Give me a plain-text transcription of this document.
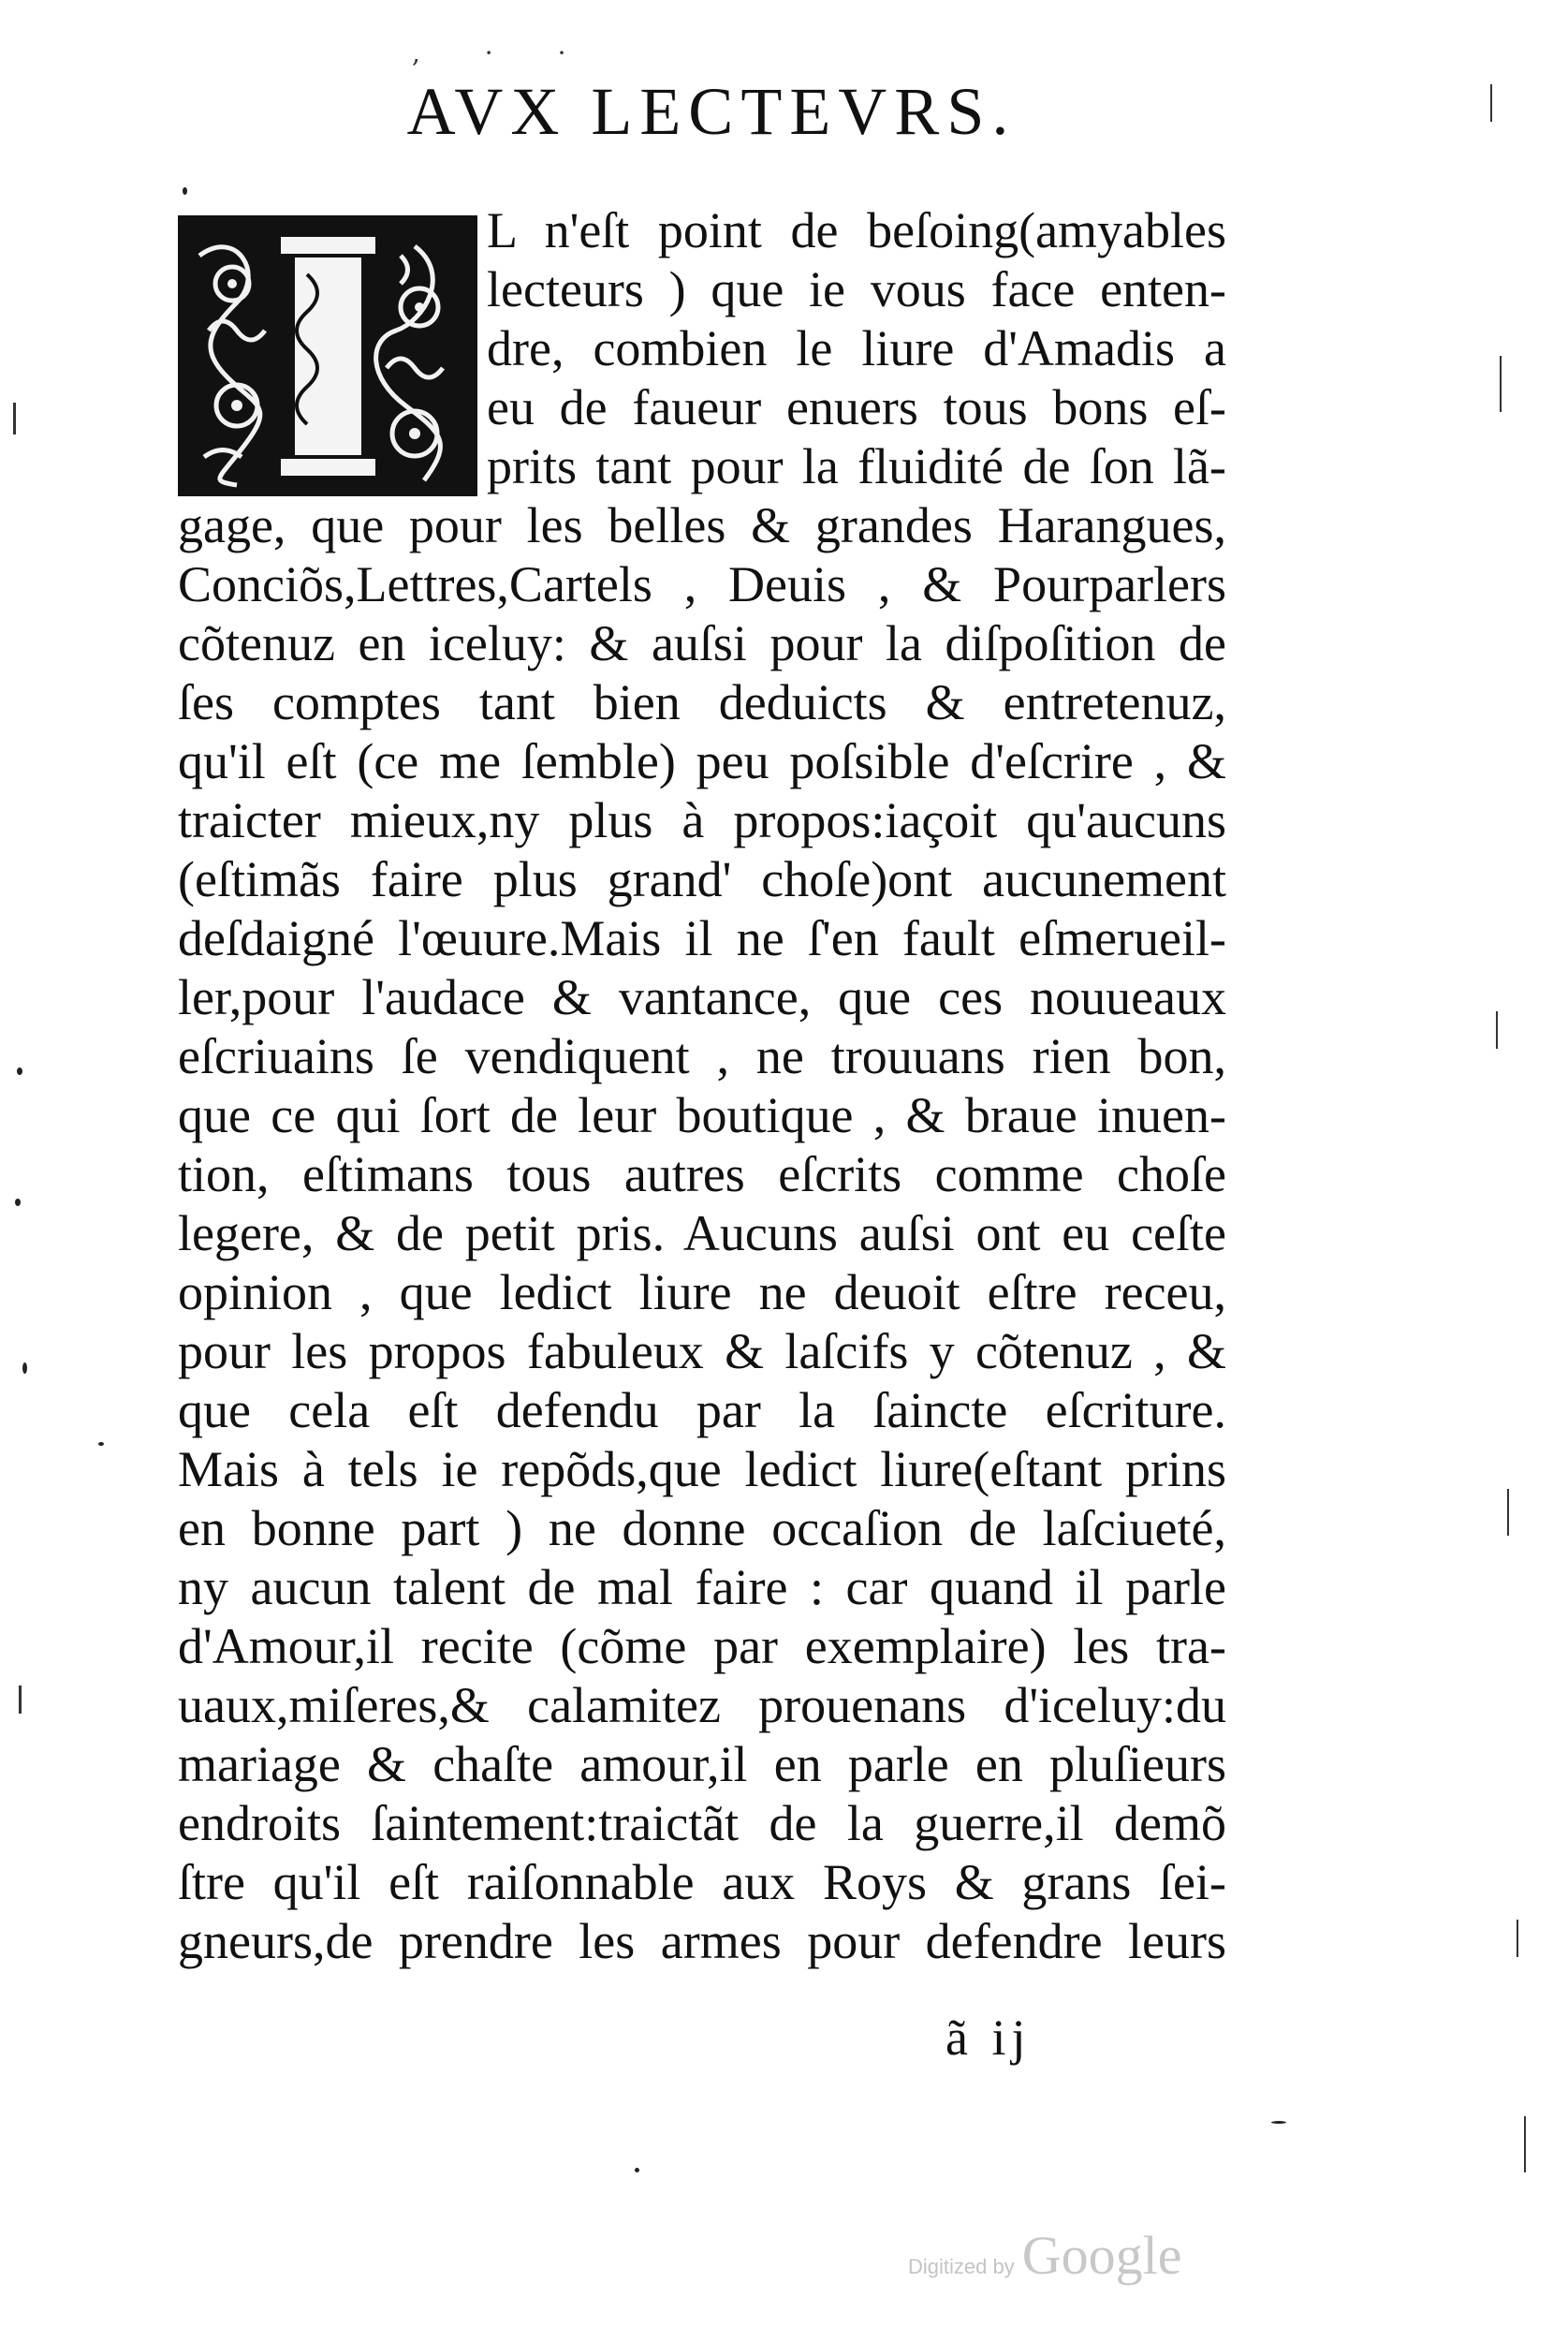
, · ·
AVX LECTEVRS.
L n'eſt point de beſoing(amyables
lecteurs ) que ie vous face enten-
dre, combien le liure d'Amadis a
eu de faueur enuers tous bons eſ-
prits tant pour la fluidité de ſon lã-
gage, que pour les belles & grandes Harangues,
Conciõs,Lettres,Cartels , Deuis , & Pourparlers
cõtenuz en iceluy: & auſsi pour la diſpoſition de
ſes comptes tant bien deduicts & entretenuz,
qu'il eſt (ce me ſemble) peu poſsible d'eſcrire , &
traicter mieux,ny plus à propos:iaçoit qu'aucuns
(eſtimãs faire plus grand' choſe)ont aucunement
deſdaigné l'œuure.Mais il ne ſ'en fault eſmerueil-
ler,pour l'audace & vantance, que ces nouueaux
eſcriuains ſe vendiquent , ne trouuans rien bon,
que ce qui ſort de leur boutique , & braue inuen-
tion, eſtimans tous autres eſcrits comme choſe
legere, & de petit pris. Aucuns auſsi ont eu ceſte
opinion , que ledict liure ne deuoit eſtre receu,
pour les propos fabuleux & laſcifs y cõtenuz , &
que cela eſt defendu par la ſaincte eſcriture.
Mais à tels ie repõds,que ledict liure(eſtant prins
en bonne part ) ne donne occaſion de laſciueté,
ny aucun talent de mal faire : car quand il parle
d'Amour,il recite (cõme par exemplaire) les tra-
uaux,miſeres,& calamitez prouenans d'iceluy:du
mariage & chaſte amour,il en parle en pluſieurs
endroits ſaintement:traictãt de la guerre,il demõ
ſtre qu'il eſt raiſonnable aux Roys & grans ſei-
gneurs,de prendre les armes pour defendre leurs
ã ij
Digitized by Google
